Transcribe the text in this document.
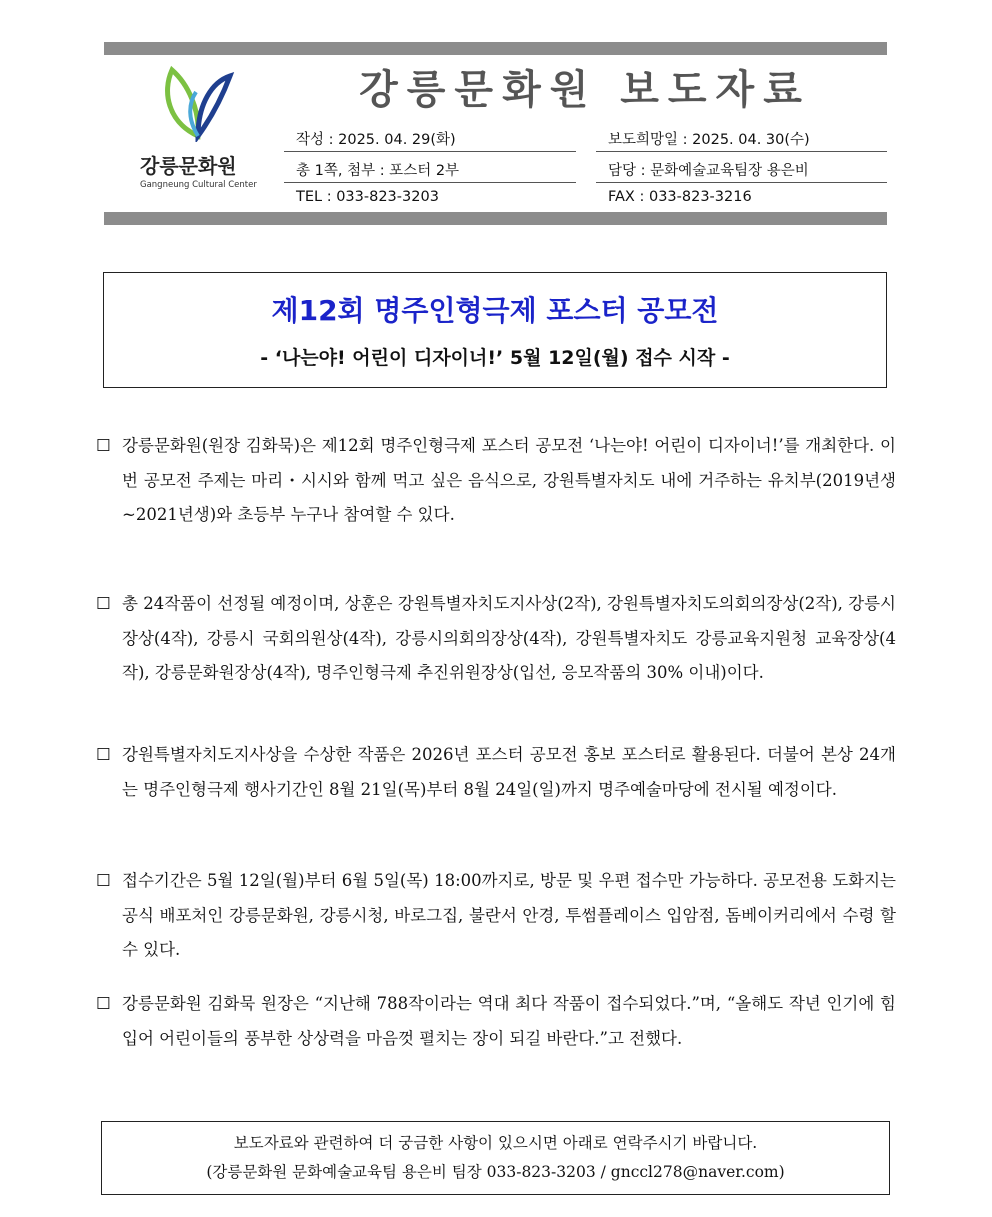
강릉문화원
Gangneung Cultural Center
강릉문화원 보도자료
작성 : 2025. 04. 29(화)	보도희망일 : 2025. 04. 30(수)
총 1쪽, 첨부 : 포스터 2부	담당 : 문화예술교육팀장 용은비
TEL : 033-823-3203	FAX : 033-823-3216
제12회 명주인형극제 포스터 공모전
- ‘나는야! 어린이 디자이너!’ 5월 12일(월) 접수 시작 -
☐ 강릉문화원(원장 김화묵)은 제12회 명주인형극제 포스터 공모전 ‘나는야! 어린이 디자이너!’를 개최한다. 이번 공모전 주제는 마리・시시와 함께 먹고 싶은 음식으로, 강원특별자치도 내에 거주하는 유치부(2019년생~2021년생)와 초등부 누구나 참여할 수 있다.
☐ 총 24작품이 선정될 예정이며, 상훈은 강원특별자치도지사상(2작), 강원특별자치도의회의장상(2작), 강릉시장상(4작), 강릉시 국회의원상(4작), 강릉시의회의장상(4작), 강원특별자치도 강릉교육지원청 교육장상(4작), 강릉문화원장상(4작), 명주인형극제 추진위원장상(입선, 응모작품의 30% 이내)이다.
☐ 강원특별자치도지사상을 수상한 작품은 2026년 포스터 공모전 홍보 포스터로 활용된다. 더불어 본상 24개는 명주인형극제 행사기간인 8월 21일(목)부터 8월 24일(일)까지 명주예술마당에 전시될 예정이다.
☐ 접수기간은 5월 12일(월)부터 6월 5일(목) 18:00까지로, 방문 및 우편 접수만 가능하다. 공모전용 도화지는 공식 배포처인 강릉문화원, 강릉시청, 바로그집, 불란서 안경, 투썸플레이스 입암점, 돔베이커리에서 수령 할 수 있다.
☐ 강릉문화원 김화묵 원장은 “지난해 788작이라는 역대 최다 작품이 접수되었다.”며, “올해도 작년 인기에 힘입어 어린이들의 풍부한 상상력을 마음껏 펼치는 장이 되길 바란다.”고 전했다.
보도자료와 관련하여 더 궁금한 사항이 있으시면 아래로 연락주시기 바랍니다.
(강릉문화원 문화예술교육팀 용은비 팀장 033-823-3203 / gnccl278@naver.com)
